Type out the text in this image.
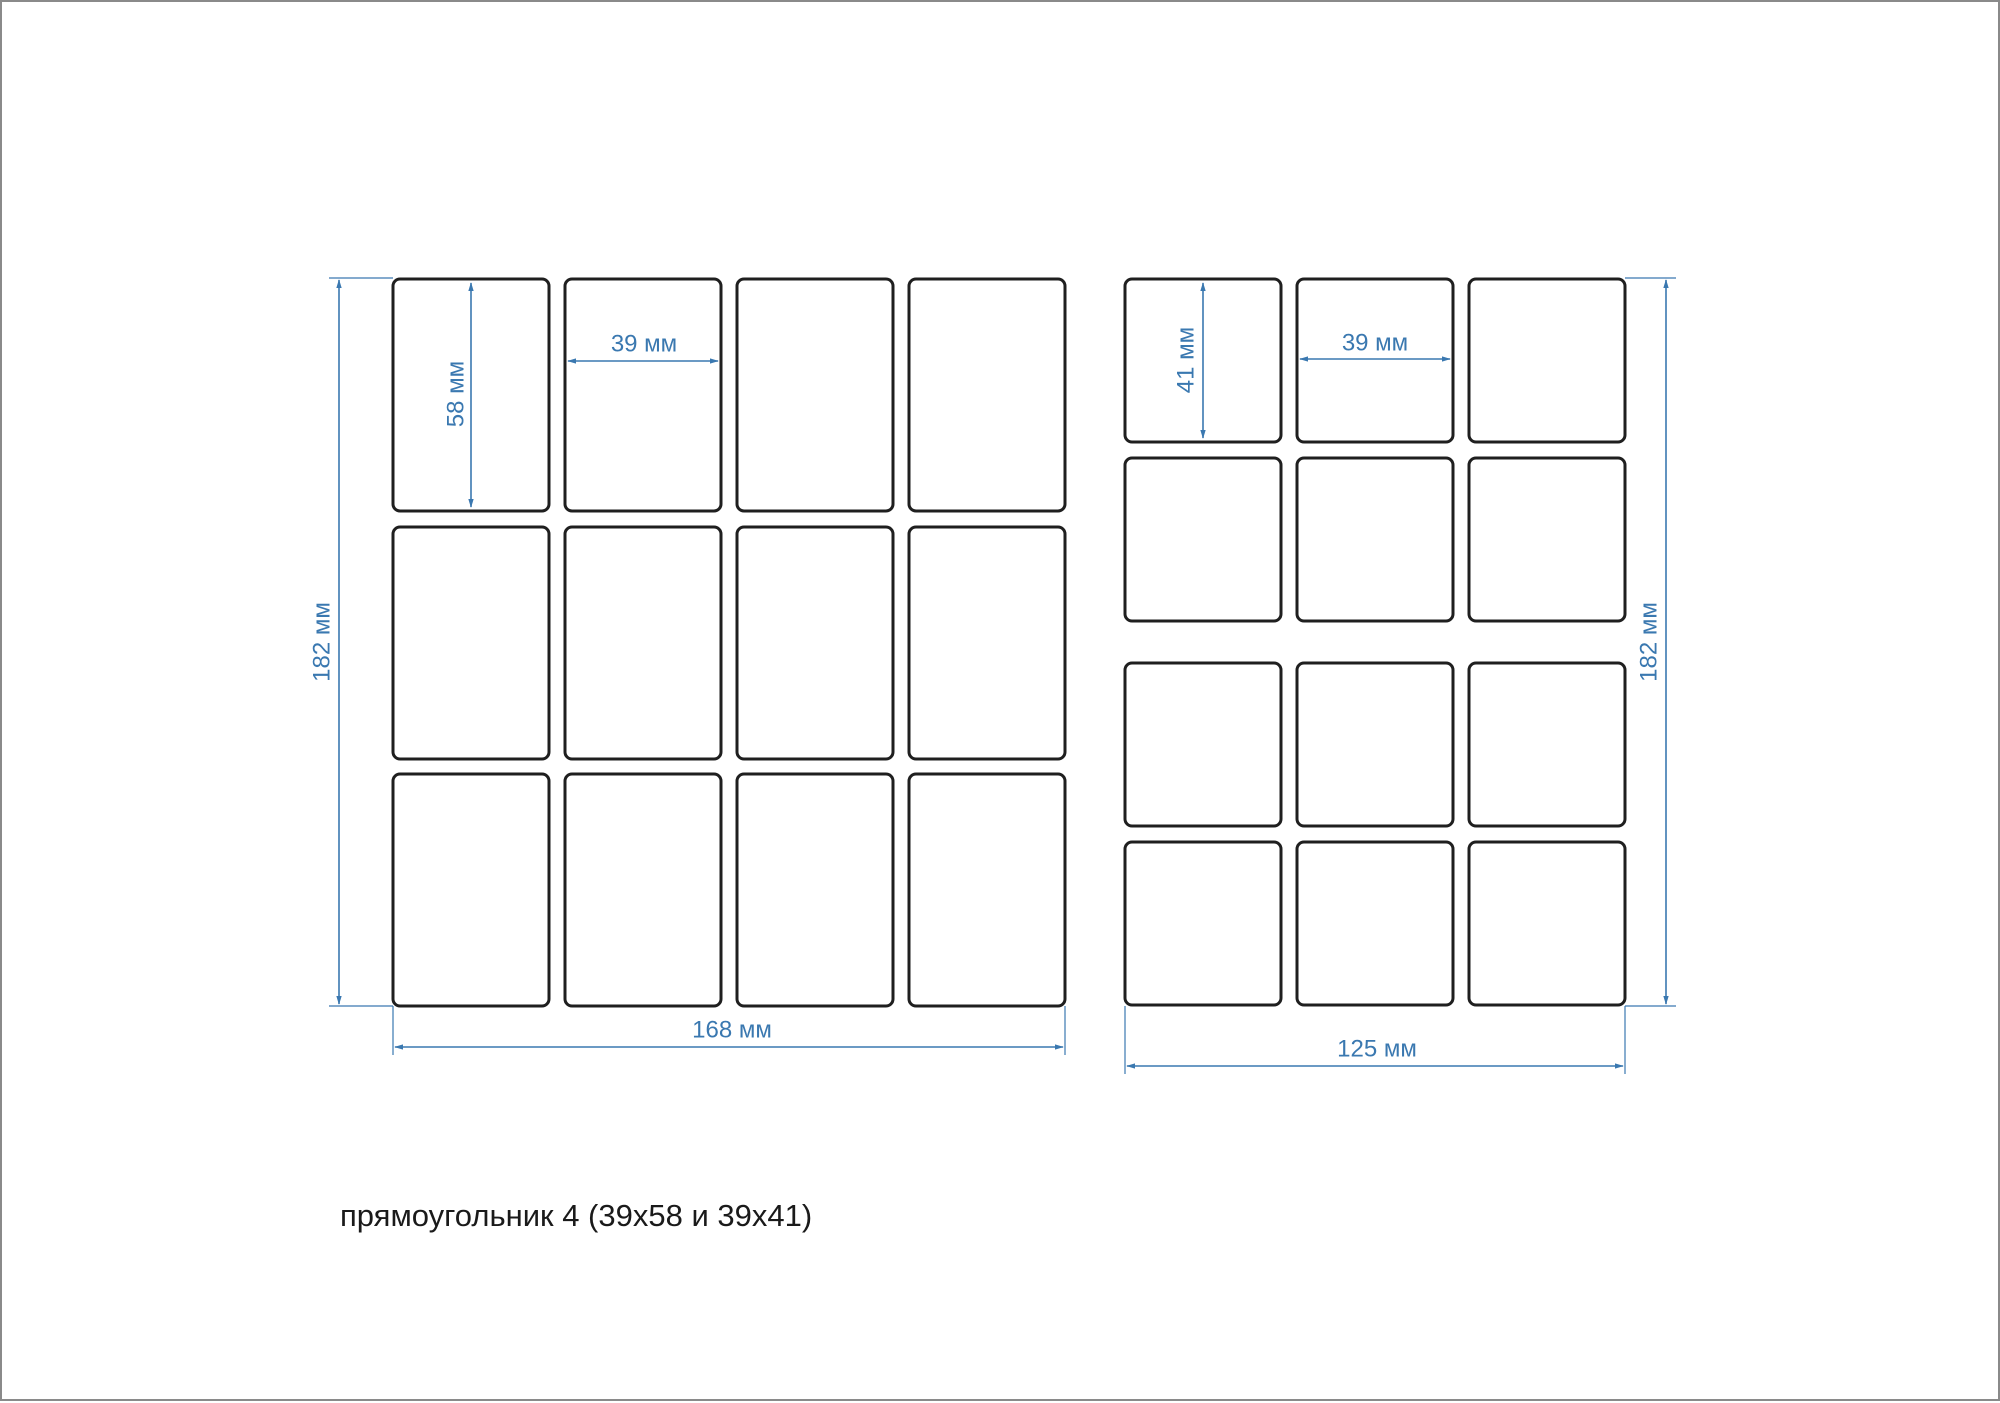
58 мм
39 мм
182 мм
168 мм
41 мм	39 мм
182 мм
125 мм
прямоугольник 4 (39х58 и 39х41)
